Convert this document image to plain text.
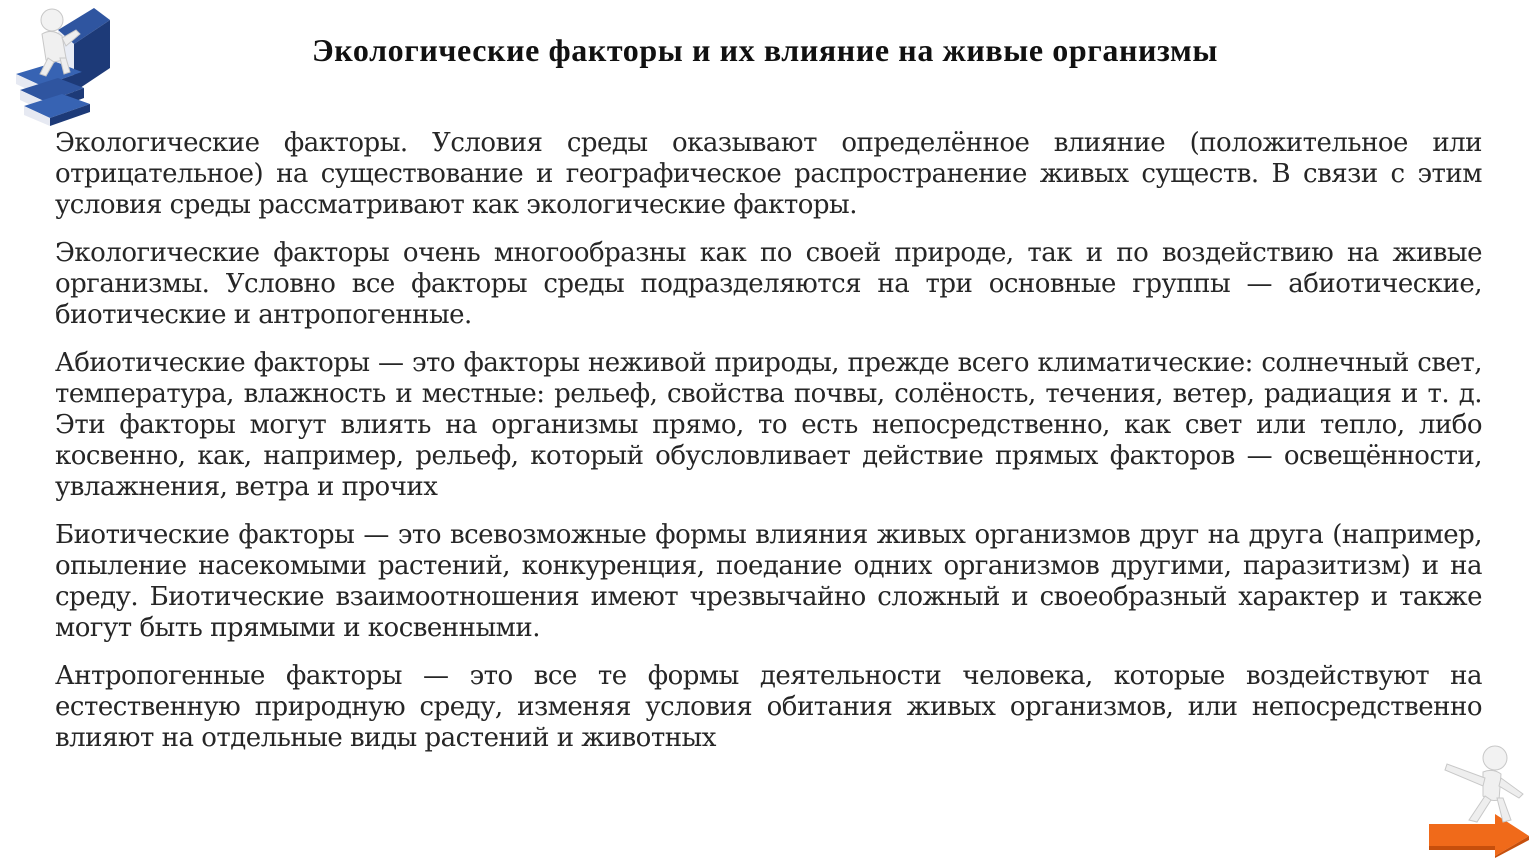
Экологические факторы и их влияние на живые организмы

Экологические факторы. Условия среды оказывают определённое влияние (положительное или отрицательное) на существование и географическое распространение живых существ. В связи с этим условия среды рассматривают как экологические факторы.

Экологические факторы очень многообразны как по своей природе, так и по воздействию на живые организмы. Условно все факторы среды подразделяются на три основные группы — абиотические, биотические и антропогенные.

Абиотические факторы — это факторы неживой природы, прежде всего климатические: солнечный свет, температура, влажность и местные: рельеф, свойства почвы, солёность, течения, ветер, радиация и т. д. Эти факторы могут влиять на организмы прямо, то есть непосредственно, как свет или тепло, либо косвенно, как, например, рельеф, который обусловливает действие прямых факторов — освещённости, увлажнения, ветра и прочих

Биотические факторы — это всевозможные формы влияния живых организмов друг на друга (например, опыление насекомыми растений, конкуренция, поедание одних организмов другими, паразитизм) и на среду. Биотические взаимоотношения имеют чрезвычайно сложный и своеобразный характер и также могут быть прямыми и косвенными.

Антропогенные факторы — это все те формы деятельности человека, которые воздействуют на естественную природную среду, изменяя условия обитания живых организмов, или непосредственно влияют на отдельные виды растений и животных
